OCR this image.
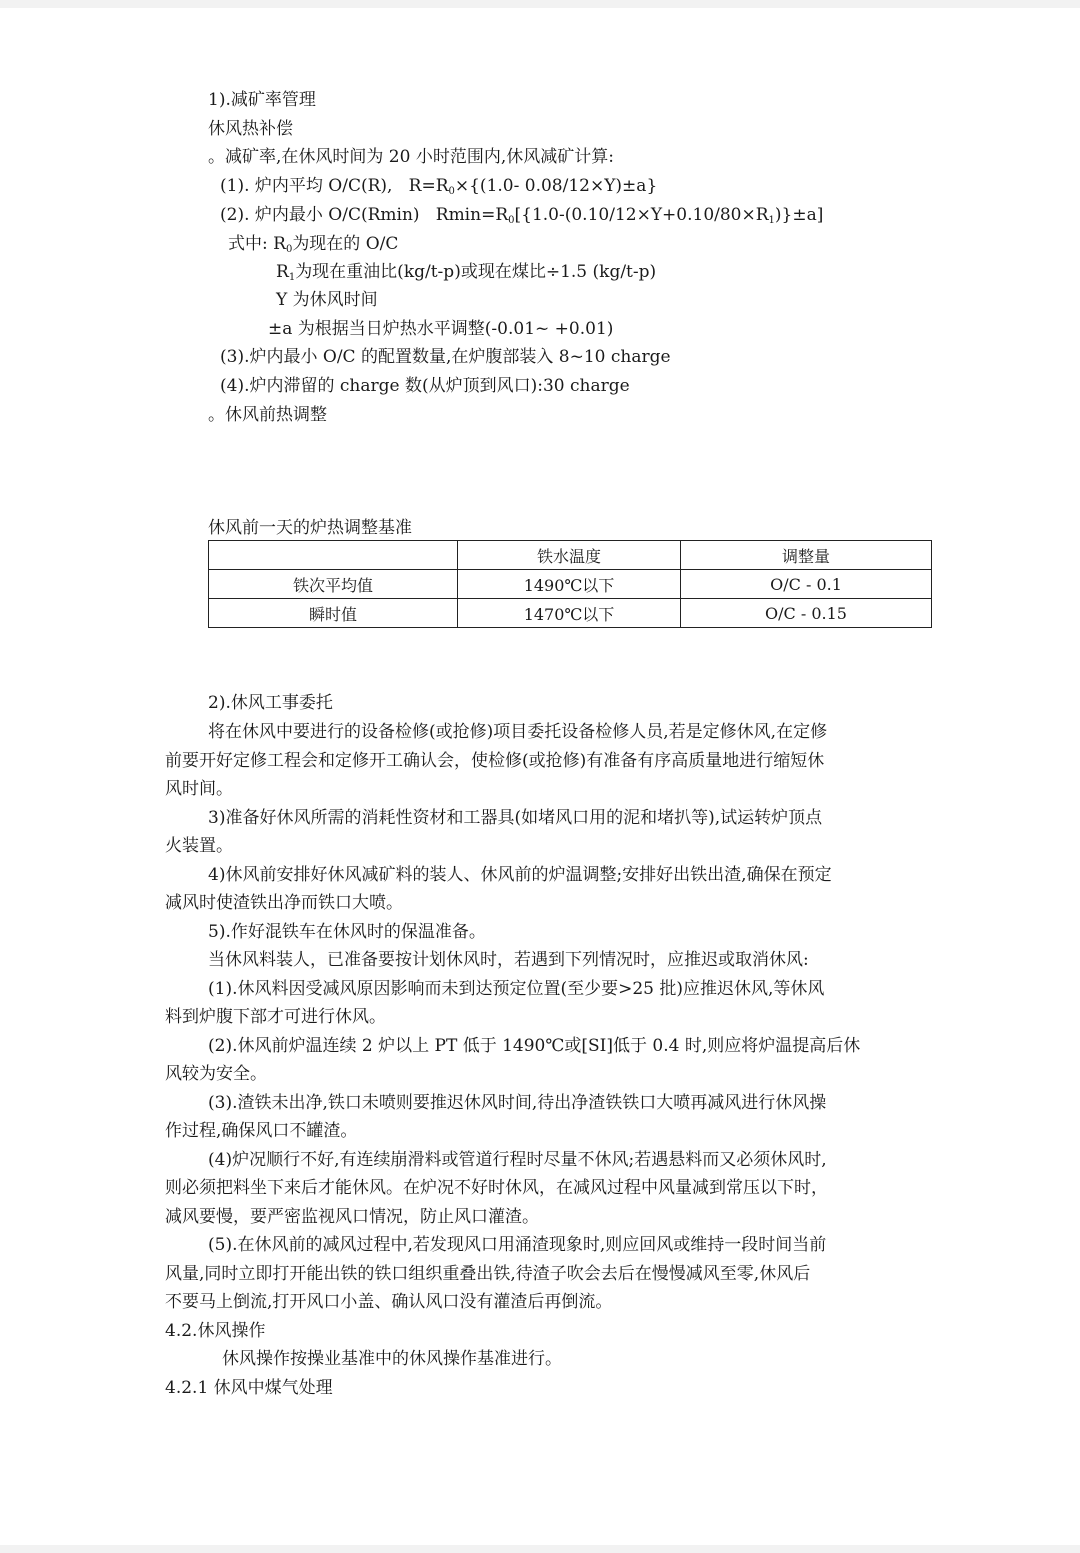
1).减矿率管理
休风热补偿
。减矿率,在休风时间为 20 小时范围内,休风减矿计算:
(1). 炉内平均 O/C(R), $R=R_0\times\{(1.0-$ 0.08/12×Y)±a}
(2). 炉内最小 O/C(Rmin) $Rmin=R_0[\{1.0-(0.10/12\times Y+0.10/80\times R_1)\}\pm a]$
式中: $R_0$为现在的 O/C
$R_1$为现在重油比(kg/t-p)或现在煤比÷1.5 (kg/t-p)
Y 为休风时间
±a 为根据当日炉热水平调整(-0.01~ +0.01)
(3).炉内最小 O/C 的配置数量,在炉腹部装入 8~10 charge
(4).炉内滞留的 charge 数(从炉顶到风口):30 charge
。休风前热调整
休风前一天的炉热调整基准
	铁水温度	调整量
铁次平均值	1490℃以下	O/C - 0.1
瞬时值	1470℃以下	O/C - 0.15
2).休风工事委托
将在休风中要进行的设备检修(或抢修)项目委托设备检修人员,若是定修休风,在定修
前要开好定修工程会和定修开工确认会，使检修(或抢修)有准备有序高质量地进行缩短休
风时间。
3)准备好休风所需的消耗性资材和工器具(如堵风口用的泥和堵扒等),试运转炉顶点
火装置。
4)休风前安排好休风减矿料的装人、休风前的炉温调整;安排好出铁出渣,确保在预定
减风时使渣铁出净而铁口大喷。
5).作好混铁车在休风时的保温准备。
当休风料装人，已准备要按计划休风时，若遇到下列情况时，应推迟或取消休风:
(1).休风料因受减风原因影响而未到达预定位置(至少要>25 批)应推迟休风,等休风
料到炉腹下部才可进行休风。
(2).休风前炉温连续 2 炉以上 PT 低于 1490℃或[SI]低于 0.4 时,则应将炉温提高后休
风较为安全。
(3).渣铁未出净,铁口未喷则要推迟休风时间,待出净渣铁铁口大喷再减风进行休风操
作过程,确保风口不罐渣。
(4)炉况顺行不好,有连续崩滑料或管道行程时尽量不休风;若遇悬料而又必须休风时,
则必须把料坐下来后才能休风。在炉况不好时休风，在减风过程中风量减到常压以下时，
减风要慢，要严密监视风口情况，防止风口灌渣。
(5).在休风前的减风过程中,若发现风口用涌渣现象时,则应回风或维持一段时间当前
风量,同时立即打开能出铁的铁口组织重叠出铁,待渣子吹会去后在慢慢减风至零,休风后
不要马上倒流,打开风口小盖、确认风口没有灌渣后再倒流。
4.2.休风操作
休风操作按操业基准中的休风操作基准进行。
4.2.1 休风中煤气处理
